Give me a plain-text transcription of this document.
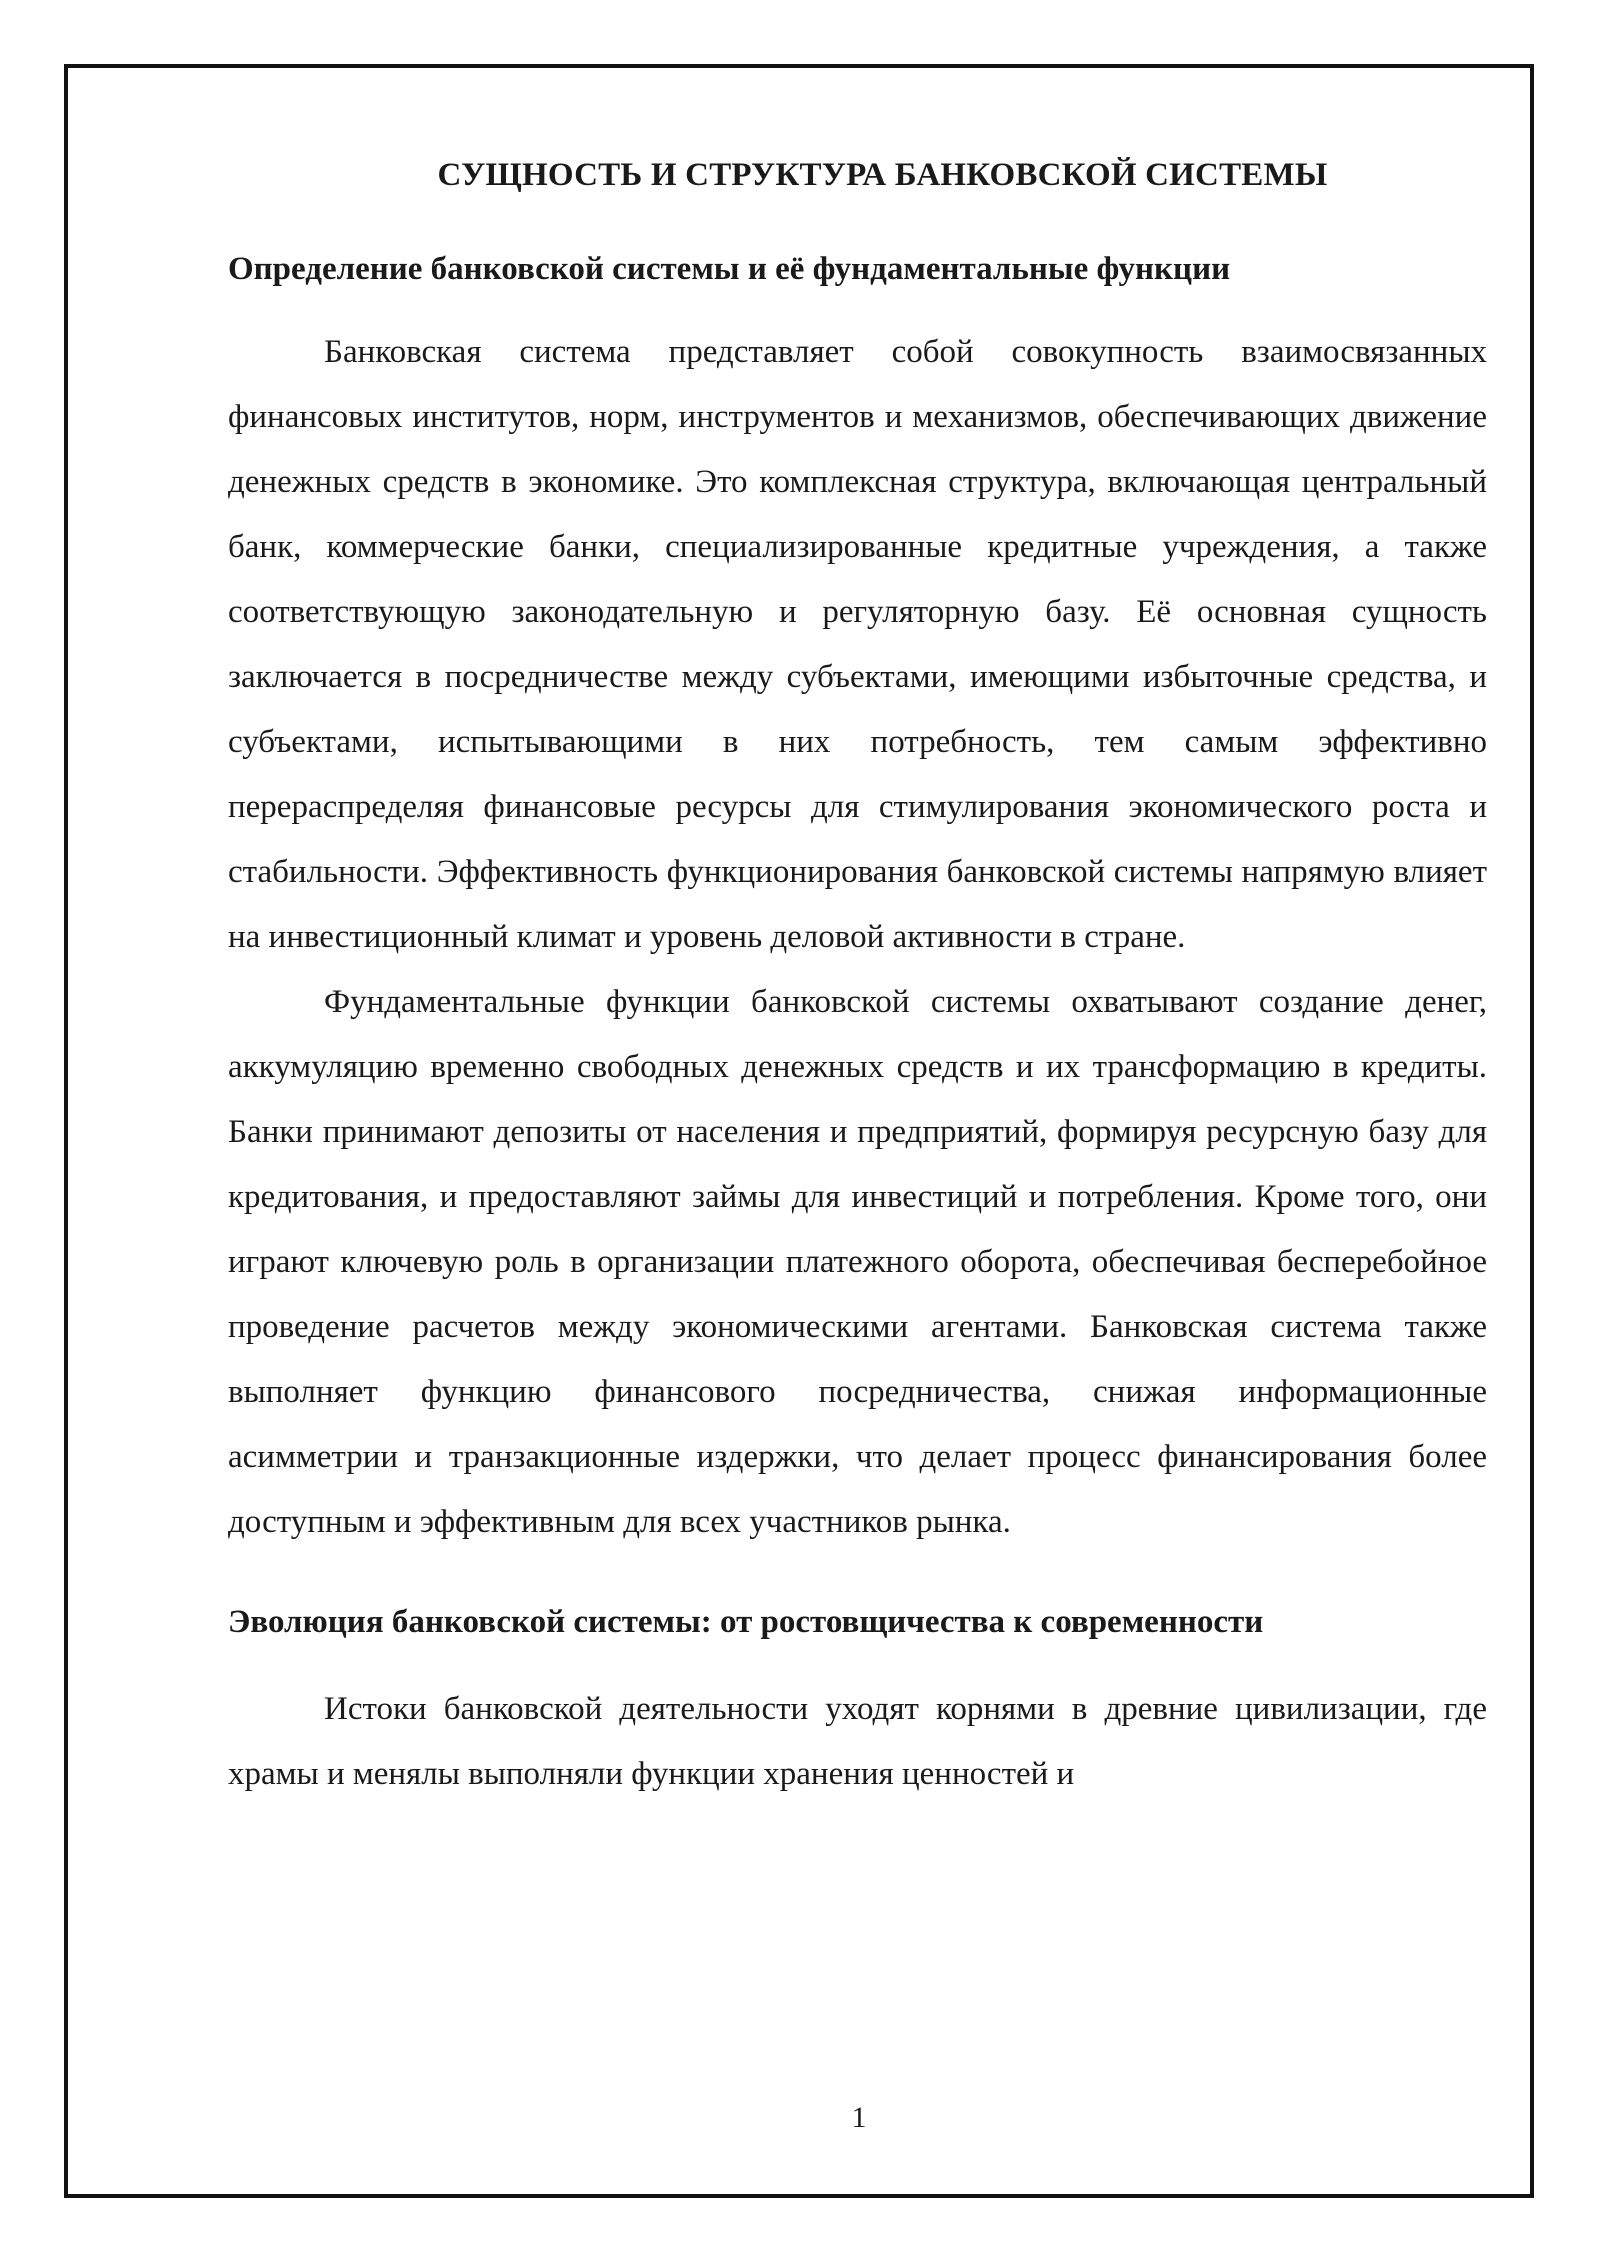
СУЩНОСТЬ И СТРУКТУРА БАНКОВСКОЙ СИСТЕМЫ
Определение банковской системы и её фундаментальные функции

Банковская система представляет собой совокупность взаимосвязанных финансовых институтов, норм, инструментов и механизмов, обеспечивающих движение денежных средств в экономике. Это комплексная структура, включающая центральный банк, коммерческие банки, специализированные кредитные учреждения, а также соответствующую законодательную и регуляторную базу. Её основная сущность заключается в посредничестве между субъектами, имеющими избыточные средства, и субъектами, испытывающими в них потребность, тем самым эффективно перераспределяя финансовые ресурсы для стимулирования экономического роста и стабильности. Эффективность функционирования банковской системы напрямую влияет на инвестиционный климат и уровень деловой активности в стране.

Фундаментальные функции банковской системы охватывают создание денег, аккумуляцию временно свободных денежных средств и их трансформацию в кредиты. Банки принимают депозиты от населения и предприятий, формируя ресурсную базу для кредитования, и предоставляют займы для инвестиций и потребления. Кроме того, они играют ключевую роль в организации платежного оборота, обеспечивая бесперебойное проведение расчетов между экономическими агентами. Банковская система также выполняет функцию финансового посредничества, снижая информационные асимметрии и транзакционные издержки, что делает процесс финансирования более доступным и эффективным для всех участников рынка.

Эволюция банковской системы: от ростовщичества к современности

Истоки банковской деятельности уходят корнями в древние цивилизации, где храмы и менялы выполняли функции хранения ценностей и

1
